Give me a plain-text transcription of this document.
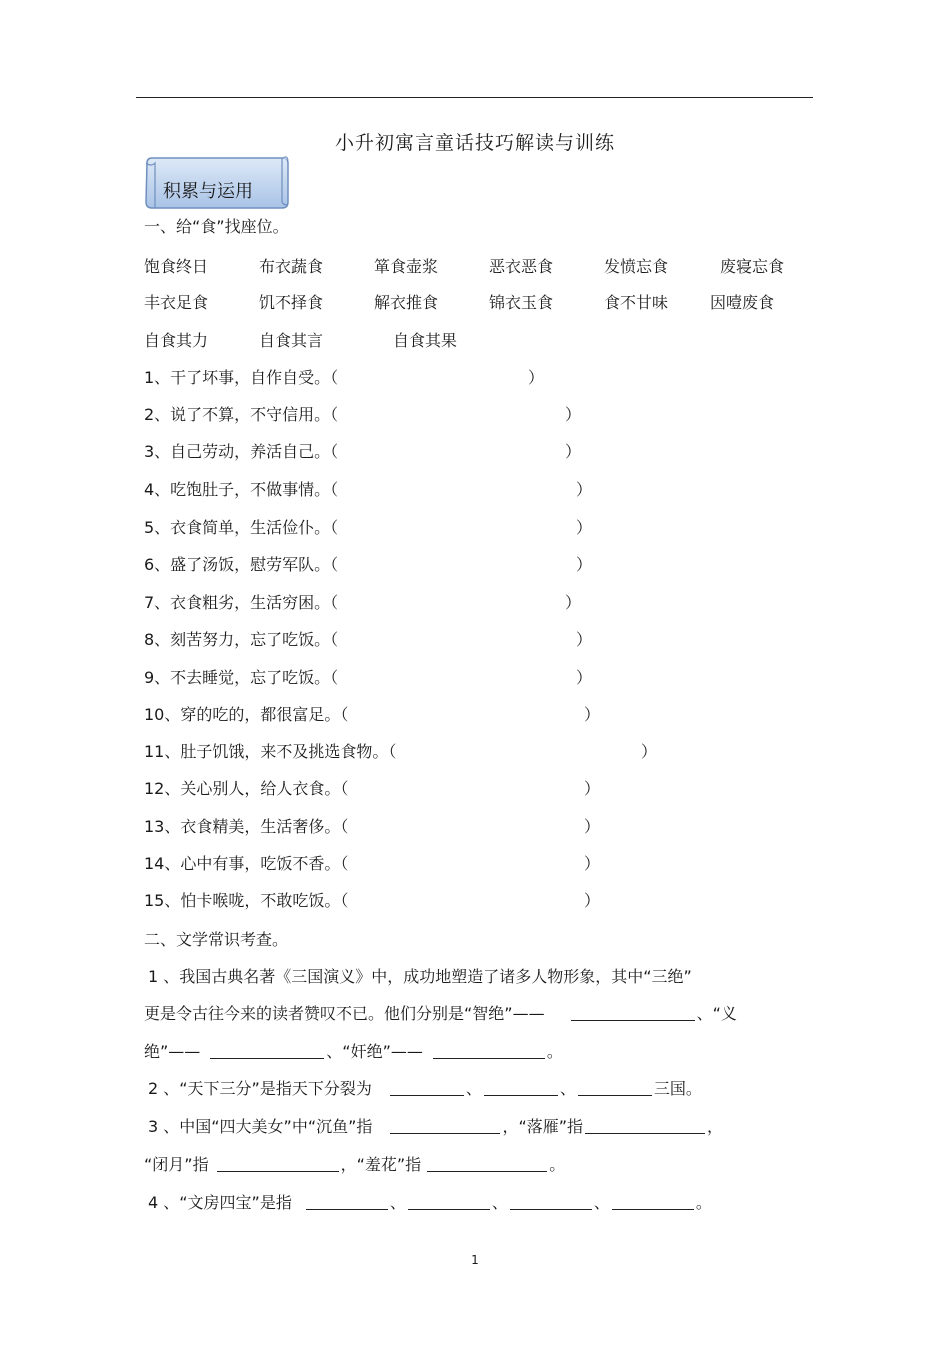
小升初寓言童话技巧解读与训练
积累与运用
一、给“食”找座位。
饱食终日	布衣蔬食	箪食壶浆	恶衣恶食	发愤忘食	废寝忘食
丰衣足食	饥不择食	解衣推食	锦衣玉食	食不甘味	因噎废食
自食其力	自食其言	自食其果
1、干了坏事，自作自受。（	）
2、说了不算，不守信用。（	）
3、自己劳动，养活自己。（	）
4、吃饱肚子，不做事情。（	）
5、衣食简单，生活俭仆。（	）
6、盛了汤饭，慰劳军队。（	）
7、衣食粗劣，生活穷困。（	）
8、刻苦努力，忘了吃饭。（	）
9、不去睡觉，忘了吃饭。（	）
10、穿的吃的，都很富足。（	）
11、肚子饥饿，来不及挑选食物。（	）
12、关心别人，给人衣食。（	）
13、衣食精美，生活奢侈。（	）
14、心中有事，吃饭不香。（	）
15、怕卡喉咙，不敢吃饭。（	）
二、文学常识考查。
1 、我国古典名著《三国演义》中，成功地塑造了诸多人物形象，其中“三绝”
更是令古往今来的读者赞叹不已。他们分别是“智绝”——	、“义
绝”——	、“奸绝”——	。
2 、“天下三分”是指天下分裂为	、	、	三国。
3 、中国“四大美女”中“沉鱼”指	，“落雁”指	，
“闭月”指	，“羞花”指	。
4 、“文房四宝”是指	、	、	、	。
1
